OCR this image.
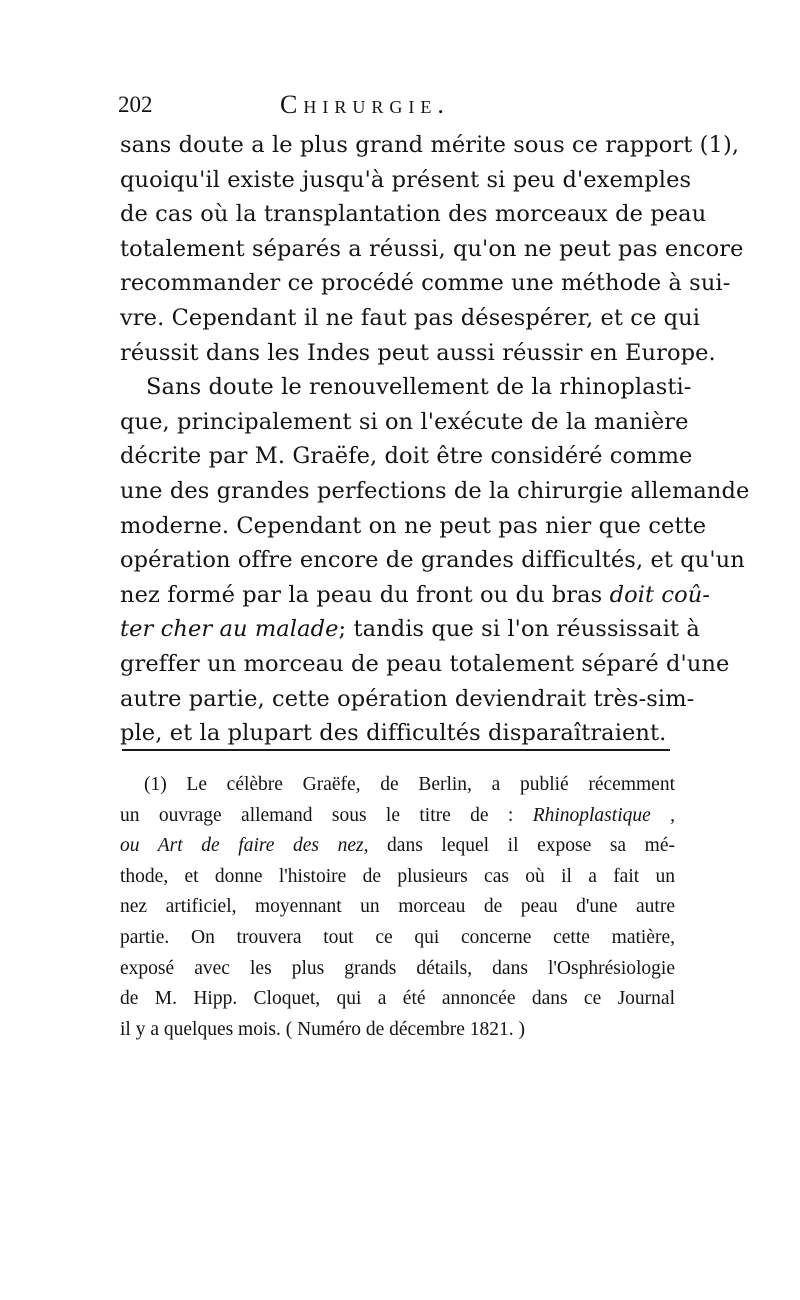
202	Chirurgie.
sans doute a le plus grand mérite sous ce rapport (1),
quoiqu'il existe jusqu'à présent si peu d'exemples
de cas où la transplantation des morceaux de peau
totalement séparés a réussi, qu'on ne peut pas encore
recommander ce procédé comme une méthode à sui-
vre. Cependant il ne faut pas désespérer, et ce qui
réussit dans les Indes peut aussi réussir en Europe.
Sans doute le renouvellement de la rhinoplasti-
que, principalement si on l'exécute de la manière
décrite par M. Graëfe, doit être considéré comme
une des grandes perfections de la chirurgie allemande
moderne. Cependant on ne peut pas nier que cette
opération offre encore de grandes difficultés, et qu'un
nez formé par la peau du front ou du bras doit coû-
ter cher au malade; tandis que si l'on réussissait à
greffer un morceau de peau totalement séparé d'une
autre partie, cette opération deviendrait très-sim-
ple, et la plupart des difficultés disparaîtraient.
(1) Le célèbre Graëfe, de Berlin, a publié récemment
un ouvrage allemand sous le titre de : Rhinoplastique ,
ou Art de faire des nez, dans lequel il expose sa mé-
thode, et donne l'histoire de plusieurs cas où il a fait un
nez artificiel, moyennant un morceau de peau d'une autre
partie. On trouvera tout ce qui concerne cette matière,
exposé avec les plus grands détails, dans l'Osphrésiologie
de M. Hipp. Cloquet, qui a été annoncée dans ce Journal
il y a quelques mois. ( Numéro de décembre 1821. )
